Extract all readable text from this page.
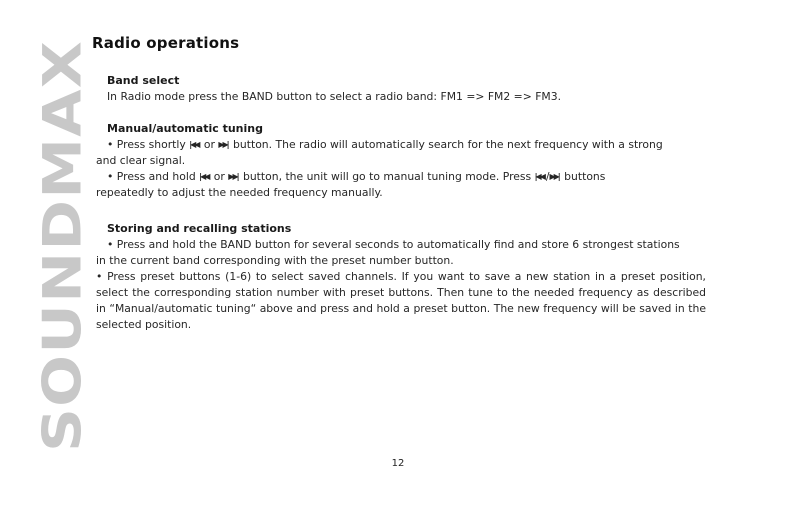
SOUNDMAX
Radio operations
Band select

In Radio mode press the BAND button to select a radio band: FM1 => FM2 => FM3.

Manual/automatic tuning

• Press shortly |◀◀ or ▶▶| button. The radio will automatically search for the next frequency with a strong

and clear signal.

• Press and hold |◀◀ or ▶▶| button, the unit will go to manual tuning mode. Press |◀◀ /▶▶| buttons

repeatedly to adjust the needed frequency manually.

Storing and recalling stations

• Press and hold the BAND button for several seconds to automatically find and store 6 strongest stations

in the current band corresponding with the preset number button.

• Press preset buttons (1-6) to select saved channels. If you want to save a new station in a preset position, select the corresponding station number with preset buttons. Then tune to the needed frequency as described in “Manual/automatic tuning“ above and press and hold a preset button. The new frequency will be saved in the selected position.

12
